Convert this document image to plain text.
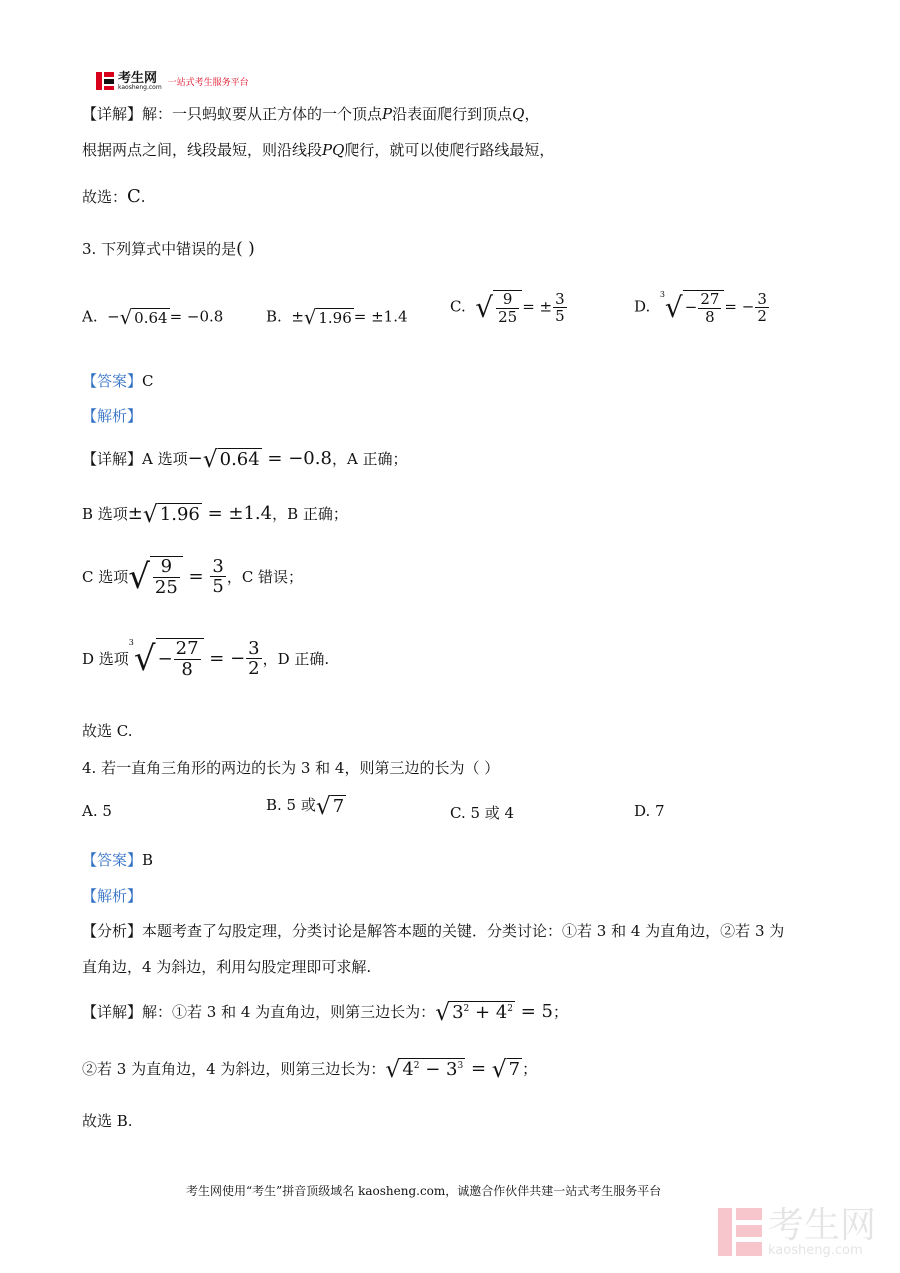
考生网
kaosheng.com 一站式考生服务平台
【详解】解：一只蚂蚁要从正方体的一个顶点P沿表面爬行到顶点Q，
根据两点之间，线段最短，则沿线段PQ爬行，就可以使爬行路线最短，
故选：C.
3. 下列算式中错误的是( )
A. −√ 0.64 = −0.8	B. ±√ 1.96 = ±1.4
C. √ $\frac{9}{25}$ = ± $\frac{3}{5}$	D.  $^3√ - \frac{27}{8}$ = − $\frac{3}{2}$
【答案】C
【解析】
【详解】A 选项−√ 0.64 = −0.8，A 正确；
B 选项±√ 1.96 = ±1.4，B 正确；
C 选项√ $\frac{9}{25} = \frac{3}{5}$ ，C 错误；
D 选项$^3√ - \frac{27}{8}$ = − $\frac{3}{2}$ ，D 正确.
故选 C.
4. 若一直角三角形的两边的长为 3 和 4，则第三边的长为（ ）
A. 5	B. 5 或√ 7	C. 5 或 4	D. 7
【答案】B
【解析】
【分析】本题考查了勾股定理，分类讨论是解答本题的关键．分类讨论：①若 3 和 4 为直角边，②若 3 为
直角边，4 为斜边，利用勾股定理即可求解.
【详解】解：①若 3 和 4 为直角边，则第三边长为：√ $3^2 + 4^2 = 5$；
②若 3 为直角边，4 为斜边，则第三边长为：√ $4^2 - 3^3$ = √ 7 ；
故选 B.
考生网使用“考生”拼音顶级域名 kaosheng.com，诚邀合作伙伴共建一站式考生服务平台
考生网
kaosheng.com
